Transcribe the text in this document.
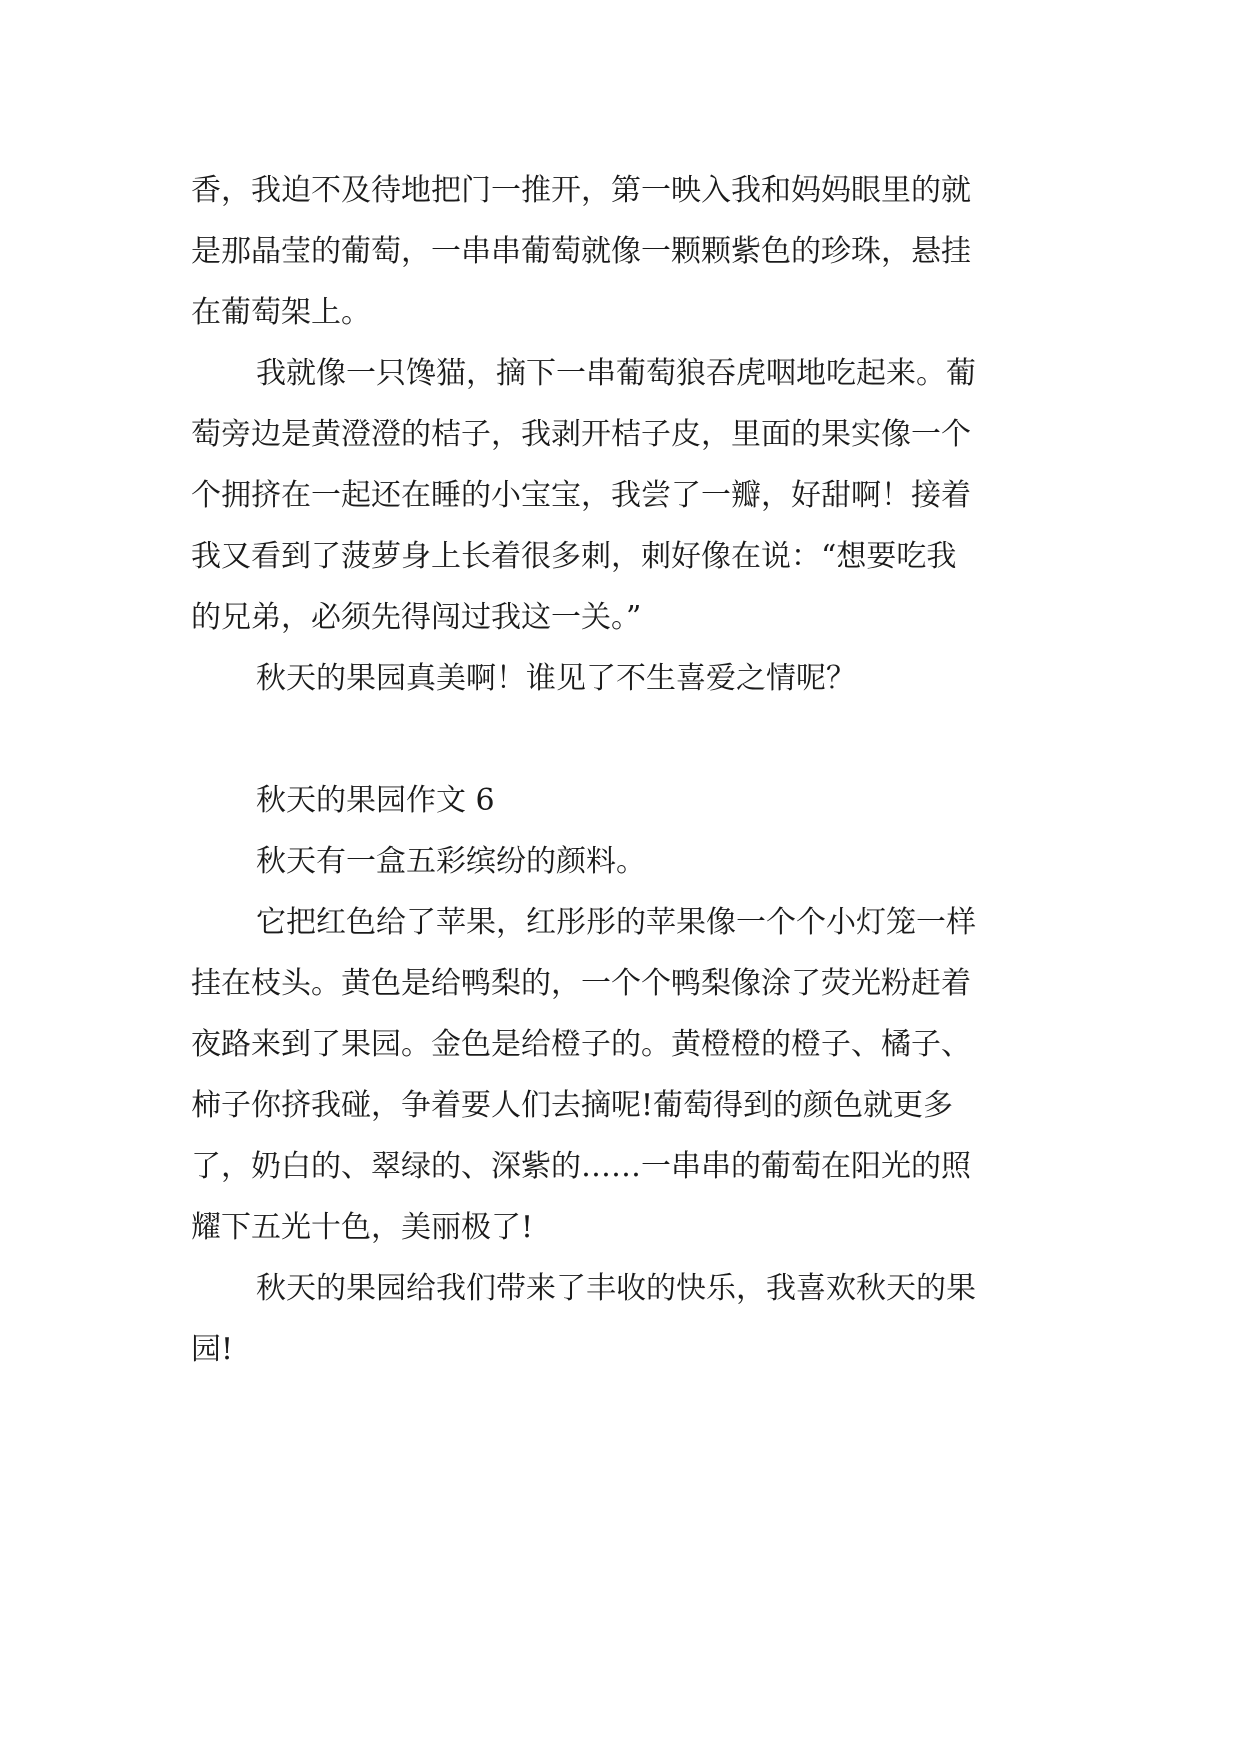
香，我迫不及待地把门一推开，第一映入我和妈妈眼里的就
是那晶莹的葡萄，一串串葡萄就像一颗颗紫色的珍珠，悬挂
在葡萄架上。
我就像一只馋猫，摘下一串葡萄狼吞虎咽地吃起来。葡
萄旁边是黄澄澄的桔子，我剥开桔子皮，里面的果实像一个
个拥挤在一起还在睡的小宝宝，我尝了一瓣，好甜啊！接着
我又看到了菠萝身上长着很多刺，刺好像在说：“想要吃我
的兄弟，必须先得闯过我这一关。”
秋天的果园真美啊！谁见了不生喜爱之情呢？
秋天的果园作文 6
秋天有一盒五彩缤纷的颜料。
它把红色给了苹果，红彤彤的苹果像一个个小灯笼一样
挂在枝头。黄色是给鸭梨的，一个个鸭梨像涂了荧光粉赶着
夜路来到了果园。金色是给橙子的。黄橙橙的橙子、橘子、
柿子你挤我碰，争着要人们去摘呢!葡萄得到的颜色就更多
了，奶白的、翠绿的、深紫的……一串串的葡萄在阳光的照
耀下五光十色，美丽极了!
秋天的果园给我们带来了丰收的快乐，我喜欢秋天的果
园!
